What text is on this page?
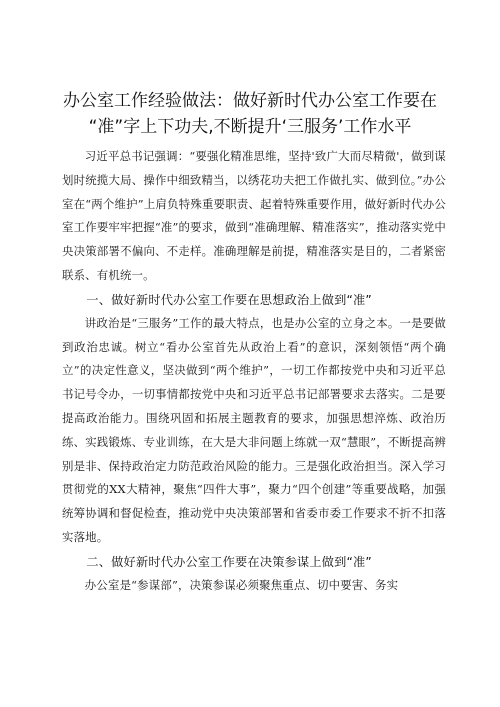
办公室工作经验做法：做好新时代办公室工作要在
“准”字上下功夫,不断提升‘三服务’工作水平

习近平总书记强调：“要强化精准思维，坚持'致广大而尽精微'，做到谋划时统揽大局、操作中细致精当，以绣花功夫把工作做扎实、做到位。”办公室在“两个维护”上肩负特殊重要职责、起着特殊重要作用，做好新时代办公室工作要牢牢把握“准”的要求，做到“准确理解、精准落实”，推动落实党中央决策部署不偏向、不走样。准确理解是前提，精准落实是目的，二者紧密联系、有机统一。

一、做好新时代办公室工作要在思想政治上做到“准”

讲政治是“三服务”工作的最大特点，也是办公室的立身之本。一是要做到政治忠诚。树立“看办公室首先从政治上看”的意识，深刻领悟“两个确立”的决定性意义，坚决做到“两个维护”，一切工作都按党中央和习近平总书记号令办，一切事情都按党中央和习近平总书记部署要求去落实。二是要提高政治能力。围绕巩固和拓展主题教育的要求，加强思想淬炼、政治历练、实践锻炼、专业训练，在大是大非问题上练就一双“慧眼”，不断提高辨别是非、保持政治定力防范政治风险的能力。三是强化政治担当。深入学习贯彻党的XX大精神，聚焦“四件大事”，聚力“四个创建”等重要战略，加强统筹协调和督促检查，推动党中央决策部署和省委市委工作要求不折不扣落实落地。

二、做好新时代办公室工作要在决策参谋上做到“准”

办公室是“参谋部”，决策参谋必须聚焦重点、切中要害、务实
